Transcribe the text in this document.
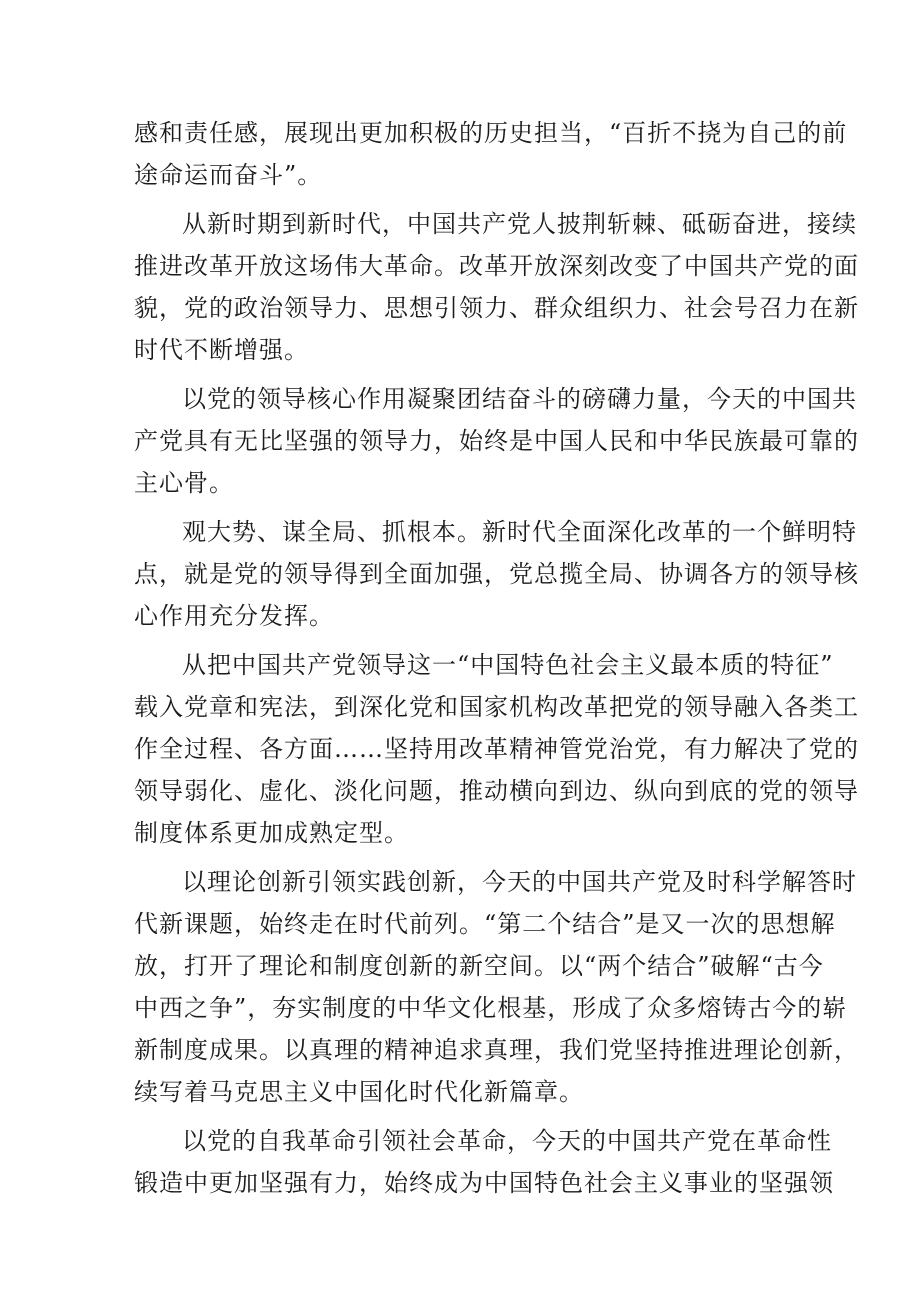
感和责任感，展现出更加积极的历史担当，“百折不挠为自己的前
途命运而奋斗”。
从新时期到新时代，中国共产党人披荆斩棘、砥砺奋进，接续
推进改革开放这场伟大革命。改革开放深刻改变了中国共产党的面
貌，党的政治领导力、思想引领力、群众组织力、社会号召力在新
时代不断增强。
以党的领导核心作用凝聚团结奋斗的磅礴力量，今天的中国共
产党具有无比坚强的领导力，始终是中国人民和中华民族最可靠的
主心骨。
观大势、谋全局、抓根本。新时代全面深化改革的一个鲜明特
点，就是党的领导得到全面加强，党总揽全局、协调各方的领导核
心作用充分发挥。
从把中国共产党领导这一“中国特色社会主义最本质的特征”
载入党章和宪法，到深化党和国家机构改革把党的领导融入各类工
作全过程、各方面……坚持用改革精神管党治党，有力解决了党的
领导弱化、虚化、淡化问题，推动横向到边、纵向到底的党的领导
制度体系更加成熟定型。
以理论创新引领实践创新，今天的中国共产党及时科学解答时
代新课题，始终走在时代前列。“第二个结合”是又一次的思想解
放，打开了理论和制度创新的新空间。以“两个结合”破解“古今
中西之争”，夯实制度的中华文化根基，形成了众多熔铸古今的崭
新制度成果。以真理的精神追求真理，我们党坚持推进理论创新，
续写着马克思主义中国化时代化新篇章。
以党的自我革命引领社会革命，今天的中国共产党在革命性
锻造中更加坚强有力，始终成为中国特色社会主义事业的坚强领
